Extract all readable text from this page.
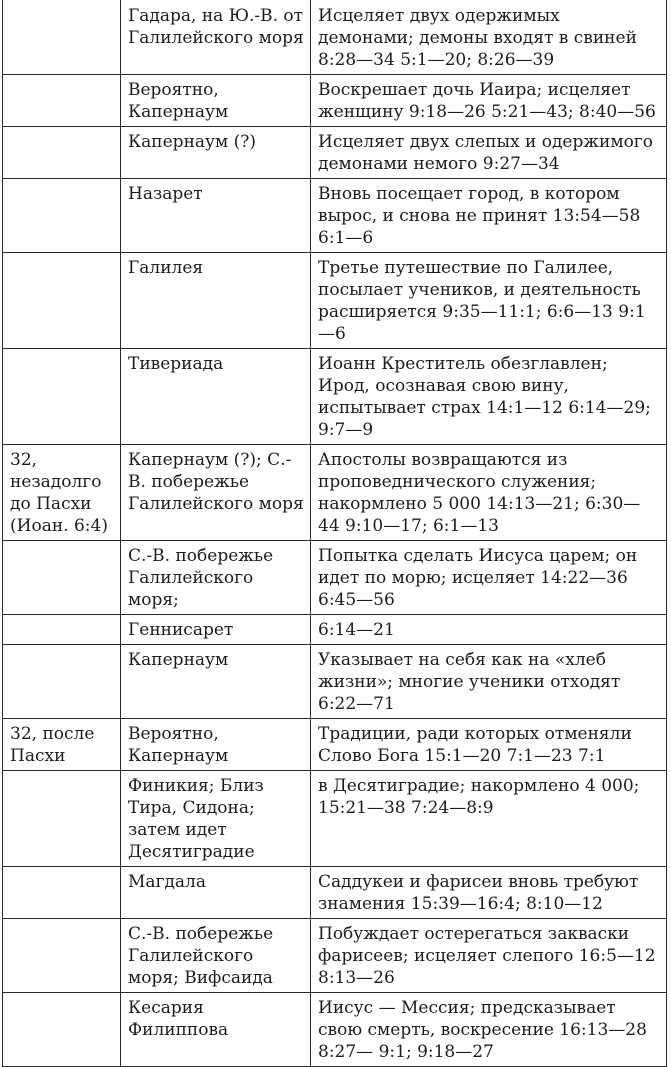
	Гадара, на Ю.-В. от Галилейского моря	Исцеляет двух одержимых демонами; демоны входят в свиней 8:28—34 5:1—20; 8:26—39

	Вероятно, Капернаум	Воскрешает дочь Иаира; исцеляет женщину 9:18—26 5:21—43; 8:40—56

	Капернаум (?)	Исцеляет двух слепых и одержимого демонами немого 9:27—34

	Назарет	Вновь посещает город, в котором вырос, и снова не принят 13:54—58 6:1—6

	Галилея	Третье путешествие по Галилее, посылает учеников, и деятельность расширяется 9:35—11:1; 6:6—13 9:1—6

	Тивериада	Иоанн Креститель обезглавлен; Ирод, осознавая свою вину, испытывает страх 14:1—12 6:14—29; 9:7—9

32, незадолго до Пасхи (Иоан. 6:4)	Капернаум (?); С.-В. побережье Галилейского моря	Апостолы возвращаются из проповеднического служения; накормлено 5 000 14:13—21; 6:30—44 9:10—17; 6:1—13

	С.-В. побережье Галилейского моря;	Попытка сделать Иисуса царем; он идет по морю; исцеляет 14:22—36 6:45—56

	Геннисарет	6:14—21

	Капернаум	Указывает на себя как на «хлеб жизни»; многие ученики отходят 6:22—71

32, после Пасхи	Вероятно, Капернаум	Традиции, ради которых отменяли Слово Бога 15:1—20 7:1—23 7:1

	Финикия; Близ Тира, Сидона; затем идет Десятиградие	в Десятиградие; накормлено 4 000; 15:21—38 7:24—8:9

	Магдала	Саддукеи и фарисеи вновь требуют знамения 15:39—16:4; 8:10—12

	С.-В. побережье Галилейского моря; Вифсаида	Побуждает остерегаться закваски фарисеев; исцеляет слепого 16:5—12 8:13—26

	Кесария Филиппова	Иисус — Мессия; предсказывает свою смерть, воскресение 16:13—28 8:27— 9:1; 9:18—27
